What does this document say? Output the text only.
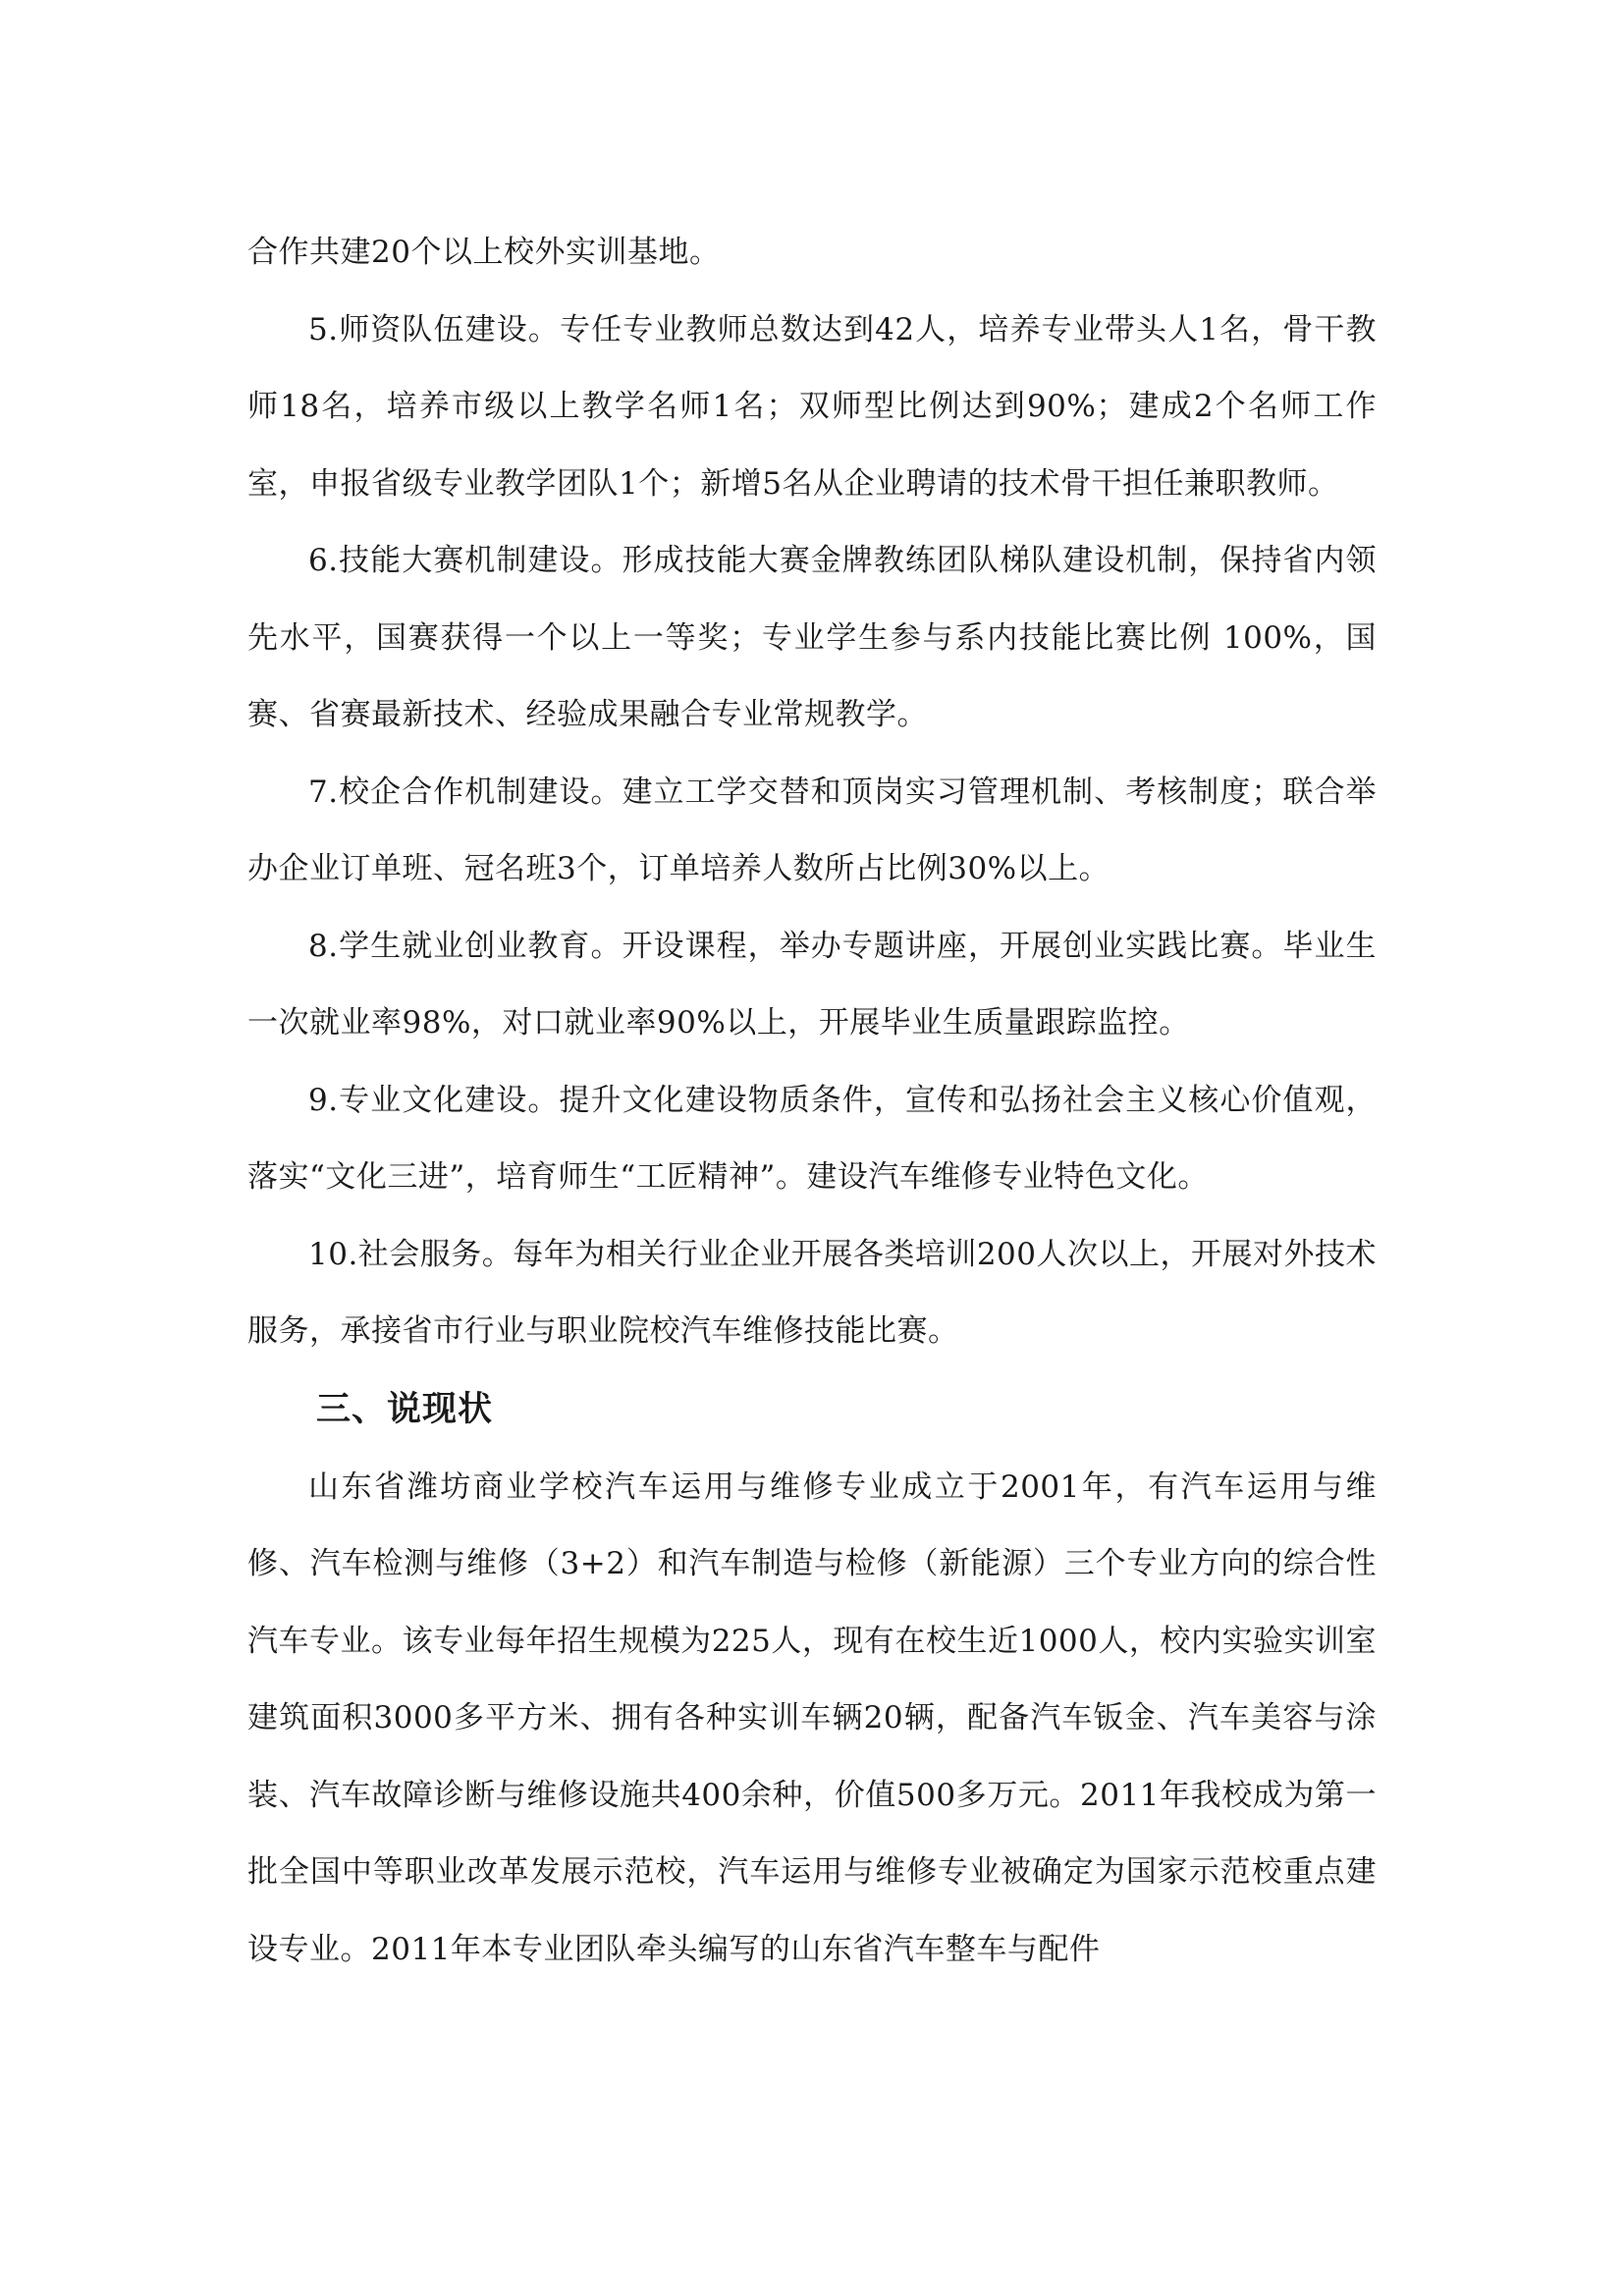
合作共建20个以上校外实训基地。

5.师资队伍建设。专任专业教师总数达到42人，培养专业带头人1名，骨干教师18名，培养市级以上教学名师1名；双师型比例达到90%；建成2个名师工作室，申报省级专业教学团队1个；新增5名从企业聘请的技术骨干担任兼职教师。

6.技能大赛机制建设。形成技能大赛金牌教练团队梯队建设机制，保持省内领先水平，国赛获得一个以上一等奖；专业学生参与系内技能比赛比例 100%，国赛、省赛最新技术、经验成果融合专业常规教学。

7.校企合作机制建设。建立工学交替和顶岗实习管理机制、考核制度；联合举办企业订单班、冠名班3个，订单培养人数所占比例30%以上。

8.学生就业创业教育。开设课程，举办专题讲座，开展创业实践比赛。毕业生一次就业率98%，对口就业率90%以上，开展毕业生质量跟踪监控。

9.专业文化建设。提升文化建设物质条件，宣传和弘扬社会主义核心价值观，落实“文化三进”，培育师生“工匠精神”。建设汽车维修专业特色文化。

10.社会服务。每年为相关行业企业开展各类培训200人次以上，开展对外技术服务，承接省市行业与职业院校汽车维修技能比赛。

三、说现状

山东省潍坊商业学校汽车运用与维修专业成立于2001年，有汽车运用与维修、汽车检测与维修（3+2）和汽车制造与检修（新能源）三个专业方向的综合性汽车专业。该专业每年招生规模为225人，现有在校生近1000人，校内实验实训室建筑面积3000多平方米、拥有各种实训车辆20辆，配备汽车钣金、汽车美容与涂装、汽车故障诊断与维修设施共400余种，价值500多万元。2011年我校成为第一批全国中等职业改革发展示范校，汽车运用与维修专业被确定为国家示范校重点建设专业。2011年本专业团队牵头编写的山东省汽车整车与配件
